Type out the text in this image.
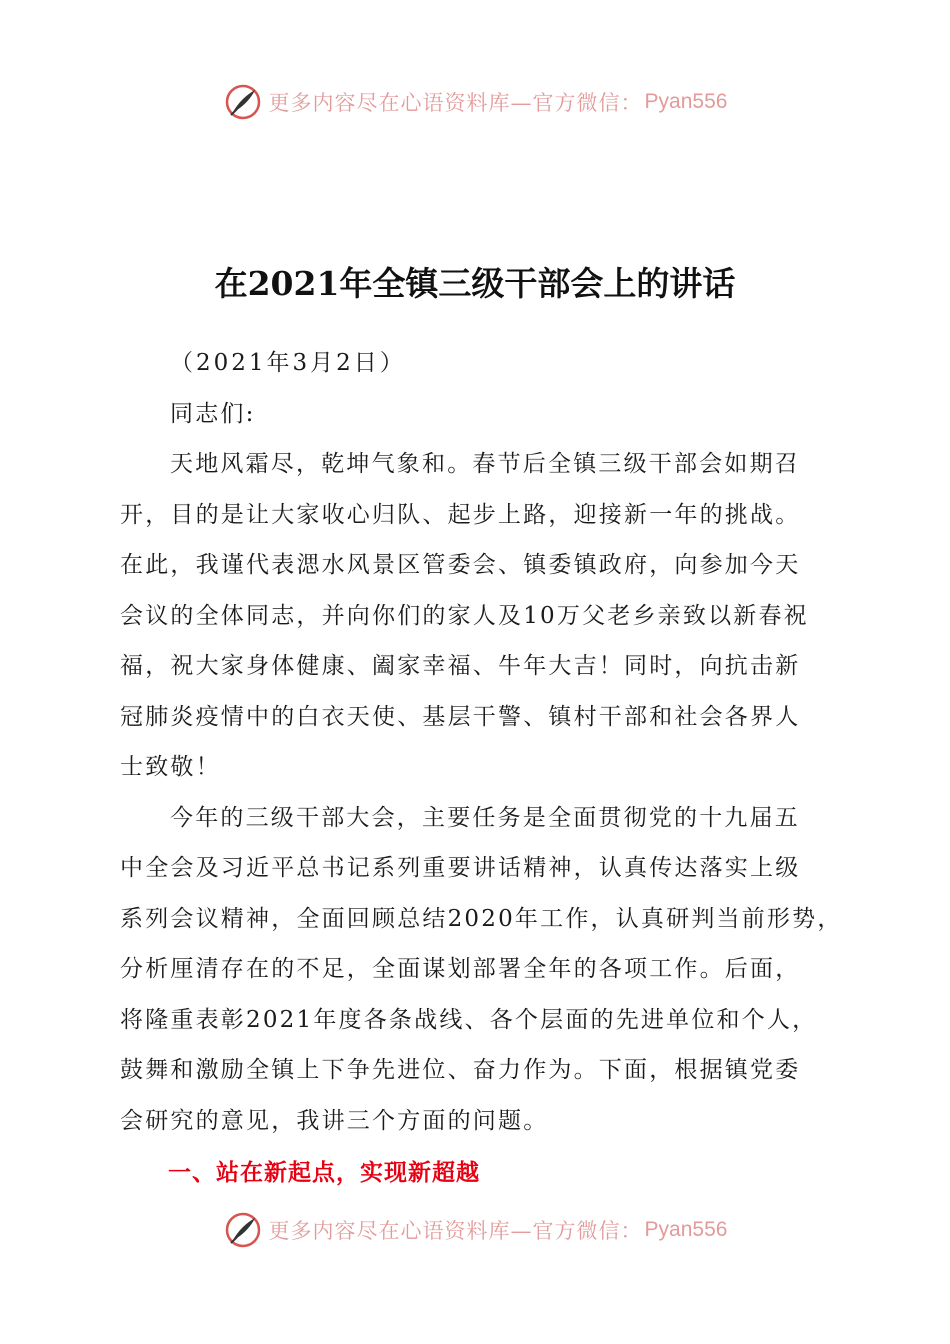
更多内容尽在心语资料库—官方微信： Pyan556
在2021年全镇三级干部会上的讲话
（2021年3月2日）
同志们:
天地风霜尽，乾坤气象和。春节后全镇三级干部会如期召
开，目的是让大家收心归队、起步上路，迎接新一年的挑战。
在此，我谨代表㴓水风景区管委会、镇委镇政府，向参加今天
会议的全体同志，并向你们的家人及10万父老乡亲致以新春祝
福，祝大家身体健康、阖家幸福、牛年大吉！同时，向抗击新
冠肺炎疫情中的白衣天使、基层干警、镇村干部和社会各界人
士致敬！
今年的三级干部大会，主要任务是全面贯彻党的十九届五
中全会及习近平总书记系列重要讲话精神，认真传达落实上级
系列会议精神，全面回顾总结2020年工作，认真研判当前形势，
分析厘清存在的不足，全面谋划部署全年的各项工作。后面，
将隆重表彰2021年度各条战线、各个层面的先进单位和个人，
鼓舞和激励全镇上下争先进位、奋力作为。下面，根据镇党委
会研究的意见，我讲三个方面的问题。
一、站在新起点，实现新超越
更多内容尽在心语资料库—官方微信： Pyan556
